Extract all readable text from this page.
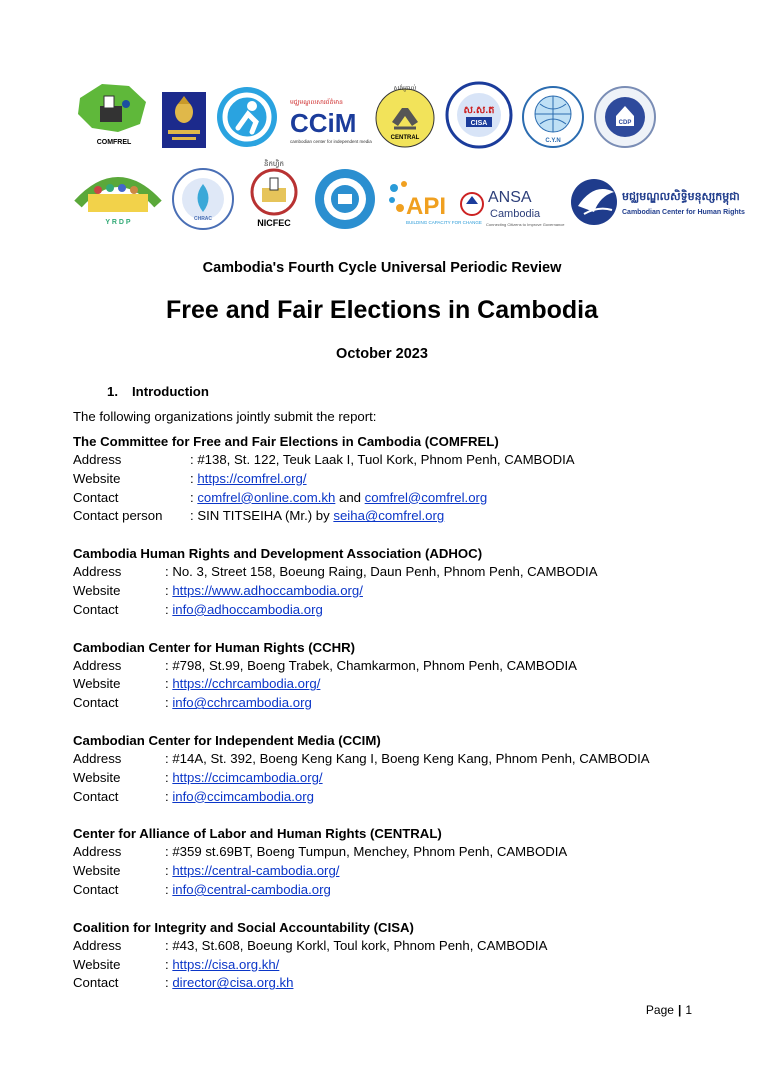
COMFREL
មជ្ឈមណ្ឌលសារព័ត៌មាន
CCiM
cambodian center for independent media
សង់ត្រាល់
CENTRAL
ស.ស.ត
CISA
C.Y.N
CDP
Y R D P	CHRAC
និកហ្វិក
NICFEC
API
BUILDING CAPACITY FOR CHANGE
ANSA
Cambodia
Connecting Citizens to Improve Governance
មជ្ឈមណ្ឌលសិទ្ធិមនុស្សកម្ពុជា
Cambodian Center for Human Rights
Cambodia's Fourth Cycle Universal Periodic Review
Free and Fair Elections in Cambodia
October 2023
1. Introduction
The following organizations jointly submit the report:
The Committee for Free and Fair Elections in Cambodia (COMFREL)
Address	: #138, St. 122, Teuk Laak I, Tuol Kork, Phnom Penh, CAMBODIA
Website	: https://comfrel.org/
Contact	: comfrel@online.com.kh and comfrel@comfrel.org
Contact person	: SIN TITSEIHA (Mr.) by seiha@comfrel.org
Cambodia Human Rights and Development Association (ADHOC)
Address	: No. 3, Street 158, Boeung Raing, Daun Penh, Phnom Penh, CAMBODIA
Website	: https://www.adhoccambodia.org/
Contact	: info@adhoccambodia.org
Cambodian Center for Human Rights (CCHR)
Address	: #798, St.99, Boeng Trabek, Chamkarmon, Phnom Penh, CAMBODIA
Website	: https://cchrcambodia.org/
Contact	: info@cchrcambodia.org
Cambodian Center for Independent Media (CCIM)
Address	: #14A, St. 392, Boeng Keng Kang I, Boeng Keng Kang, Phnom Penh, CAMBODIA
Website	: https://ccimcambodia.org/
Contact	: info@ccimcambodia.org
Center for Alliance of Labor and Human Rights (CENTRAL)
Address	: #359 st.69BT, Boeng Tumpun, Menchey, Phnom Penh, CAMBODIA
Website	: https://central-cambodia.org/
Contact	: info@central-cambodia.org
Coalition for Integrity and Social Accountability (CISA)
Address	: #43, St.608, Boeung Korkl, Toul kork, Phnom Penh, CAMBODIA
Website	: https://cisa.org.kh/
Contact	: director@cisa.org.kh
Page | 1
